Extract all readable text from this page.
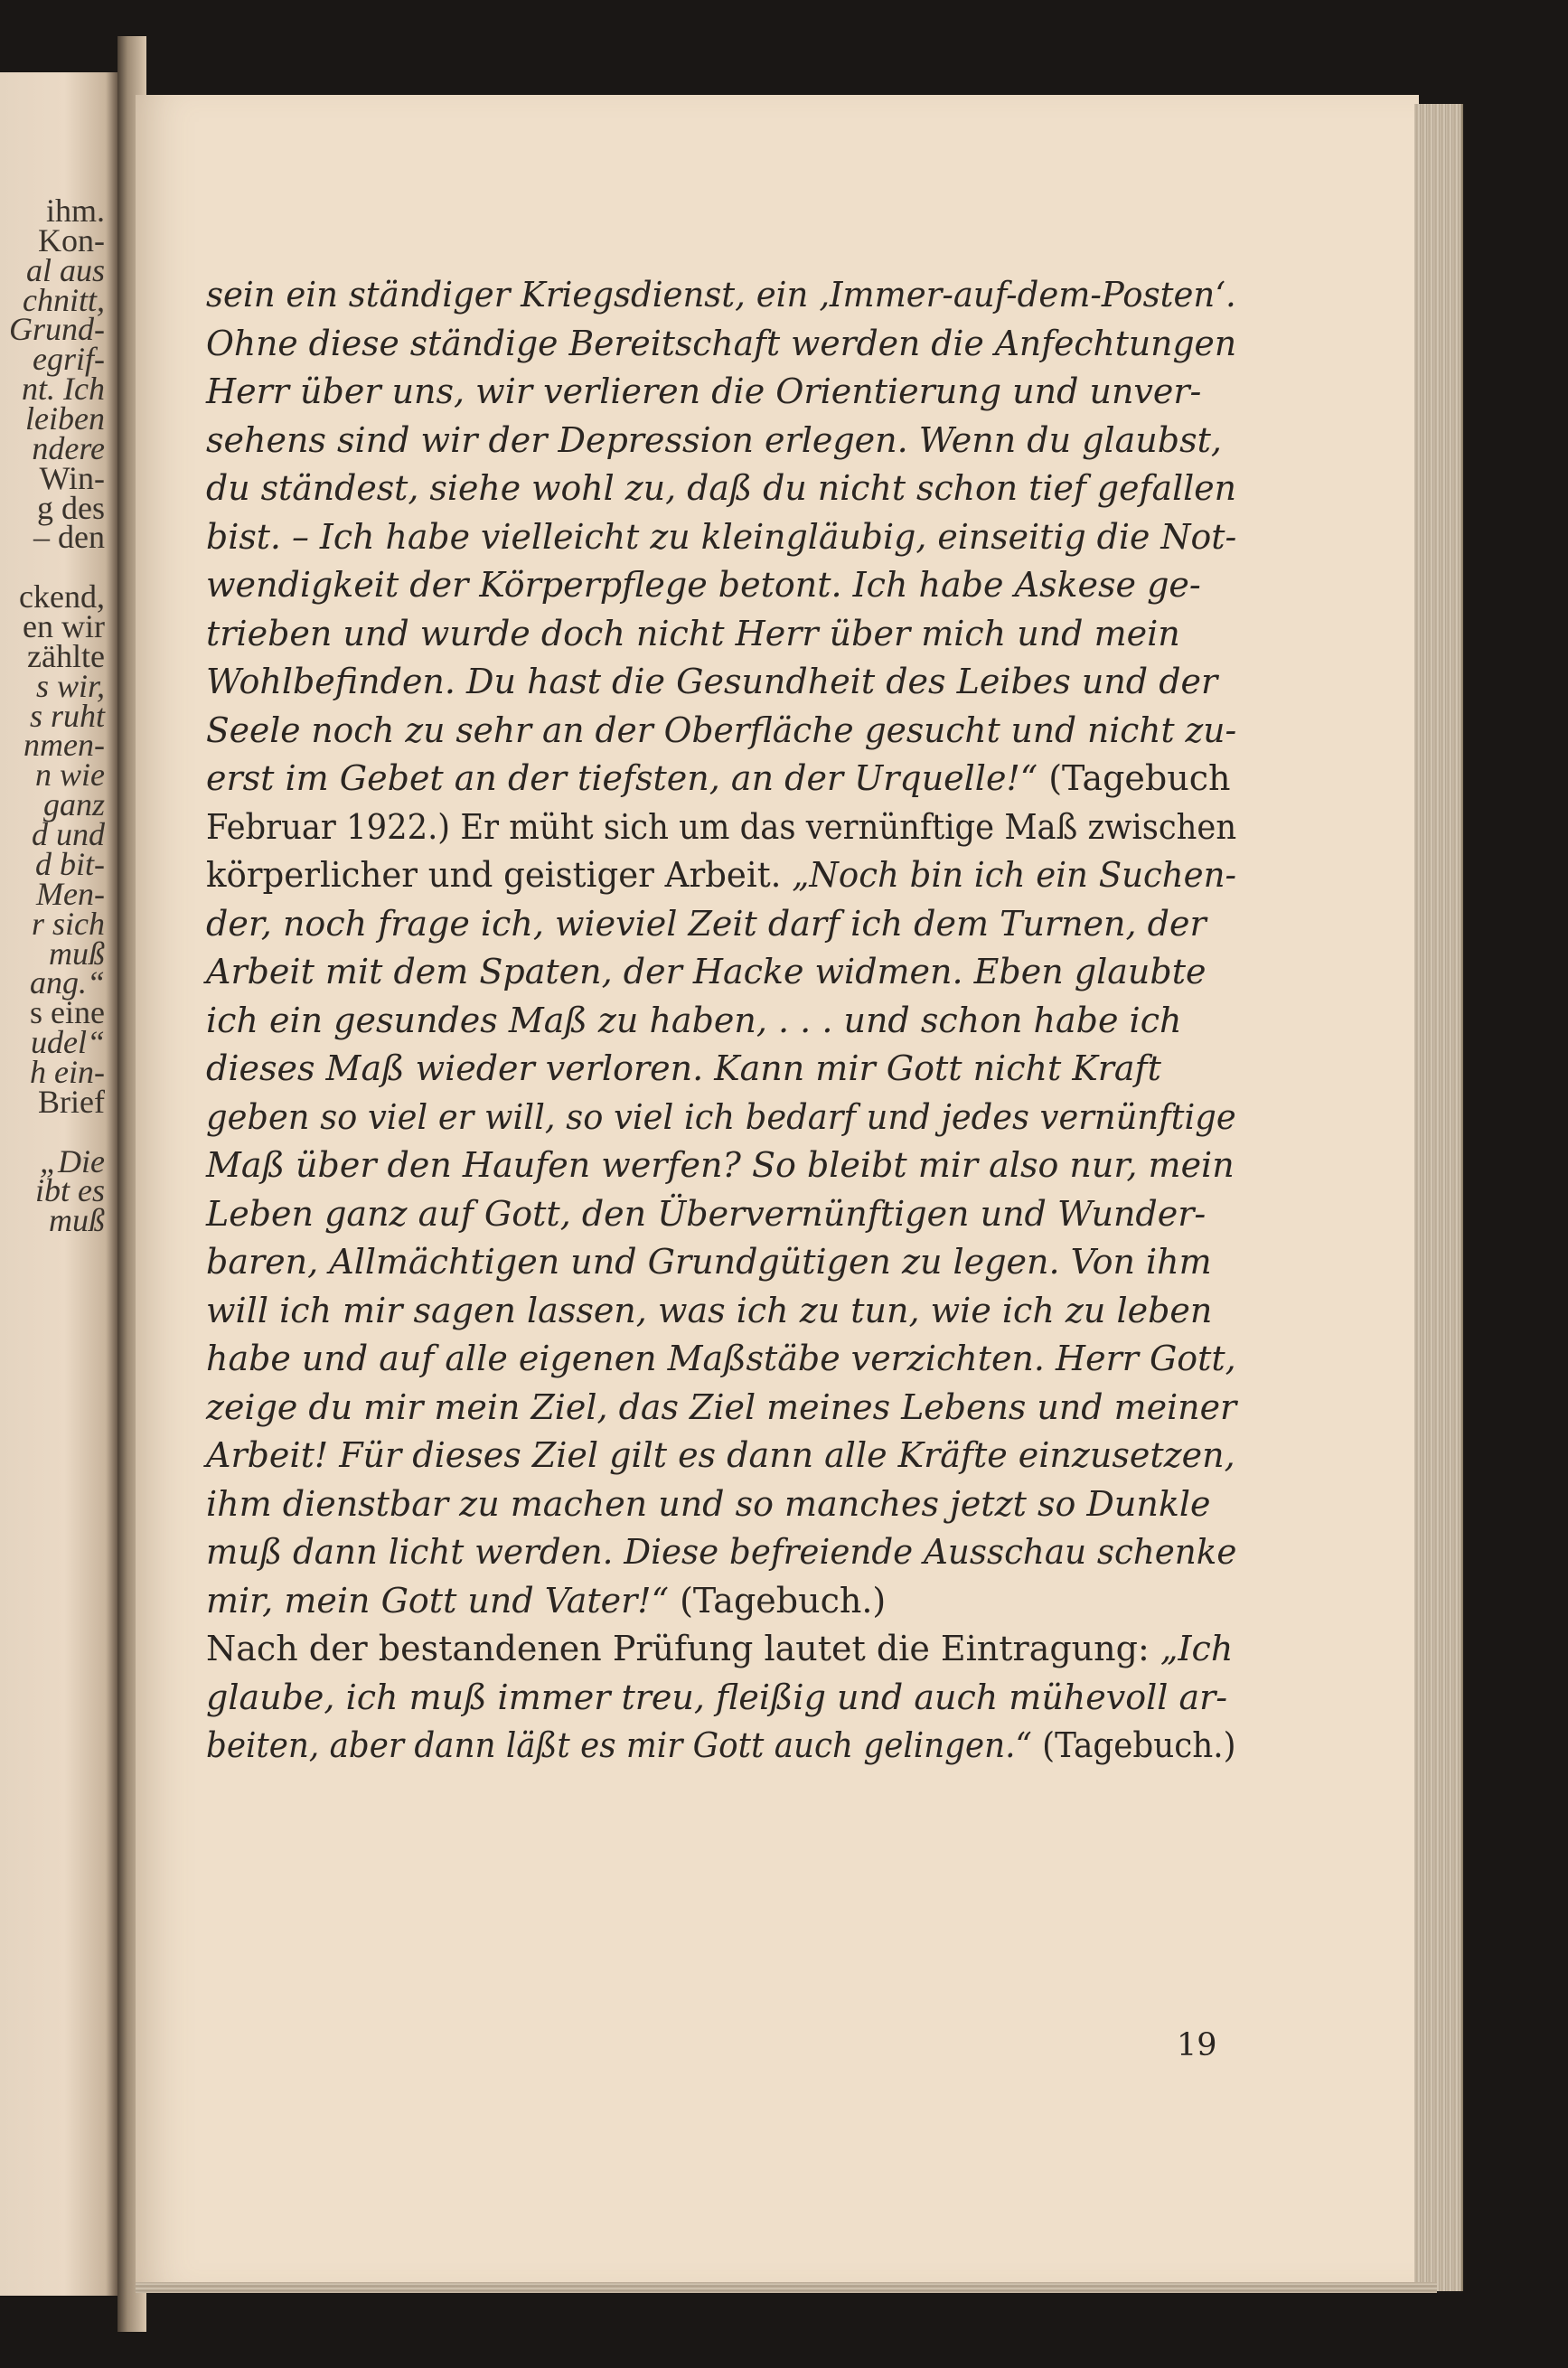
ihm.
Kon-
al aus
chnitt,
Grund-
egrif-
nt. Ich
leiben
ndere
Win-
g des
– den
ckend,
en wir
zählte
s wir,
s ruht
nmen-
n wie
ganz
d und
d bit-
Men-
r sich
muß
ang.“
s eine
udel“
h ein-
Brief
„Die
ibt es
muß
sein ein ständiger Kriegsdienst, ein ‚Immer-auf-dem-Posten‘.
Ohne diese ständige Bereitschaft werden die Anfechtungen
Herr über uns, wir verlieren die Orientierung und unver-
sehens sind wir der Depression erlegen. Wenn du glaubst,
du ständest, siehe wohl zu, daß du nicht schon tief gefallen
bist. – Ich habe vielleicht zu kleingläubig, einseitig die Not-
wendigkeit der Körperpflege betont. Ich habe Askese ge-
trieben und wurde doch nicht Herr über mich und mein
Wohlbefinden. Du hast die Gesundheit des Leibes und der
Seele noch zu sehr an der Oberfläche gesucht und nicht zu-
erst im Gebet an der tiefsten, an der Urquelle!“ (Tagebuch
Februar 1922.) Er müht sich um das vernünftige Maß zwischen
körperlicher und geistiger Arbeit. „Noch bin ich ein Suchen-
der, noch frage ich, wieviel Zeit darf ich dem Turnen, der
Arbeit mit dem Spaten, der Hacke widmen. Eben glaubte
ich ein gesundes Maß zu haben, . . . und schon habe ich
dieses Maß wieder verloren. Kann mir Gott nicht Kraft
geben so viel er will, so viel ich bedarf und jedes vernünftige
Maß über den Haufen werfen? So bleibt mir also nur, mein
Leben ganz auf Gott, den Übervernünftigen und Wunder-
baren, Allmächtigen und Grundgütigen zu legen. Von ihm
will ich mir sagen lassen, was ich zu tun, wie ich zu leben
habe und auf alle eigenen Maßstäbe verzichten. Herr Gott,
zeige du mir mein Ziel, das Ziel meines Lebens und meiner
Arbeit! Für dieses Ziel gilt es dann alle Kräfte einzusetzen,
ihm dienstbar zu machen und so manches jetzt so Dunkle
muß dann licht werden. Diese befreiende Ausschau schenke
mir, mein Gott und Vater!“ (Tagebuch.)
Nach der bestandenen Prüfung lautet die Eintragung: „Ich
glaube, ich muß immer treu, fleißig und auch mühevoll ar-
beiten, aber dann läßt es mir Gott auch gelingen.“ (Tagebuch.)
19
